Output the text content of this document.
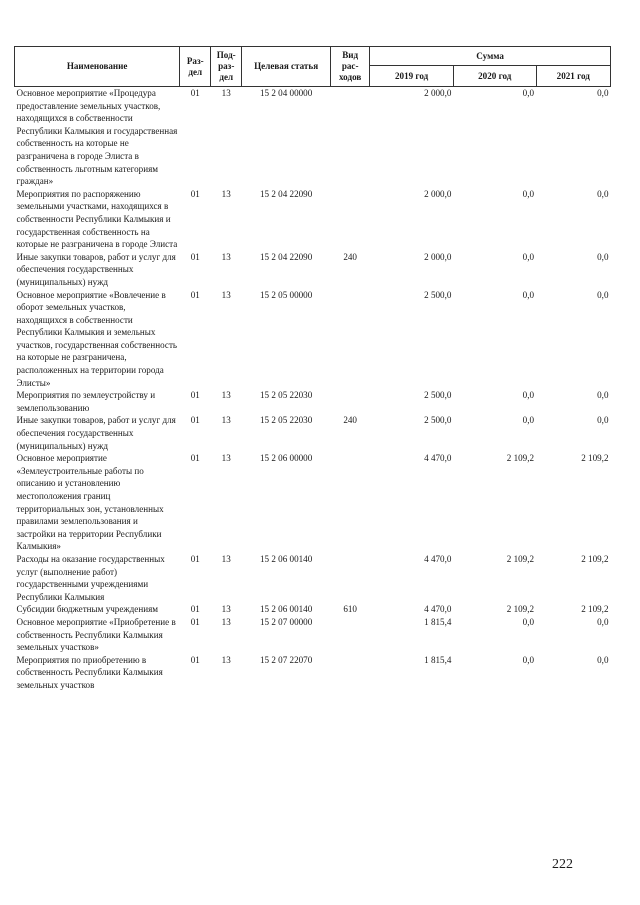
Наименование	Раз-дел	Под-раз-дел	Целевая статья	Вид рас-ходов	Сумма		
					2019 год	2020 год	2021 год
Основное мероприятие «Процедура предоставление земельных участков, находящихся в собственности Республики Калмыкия и государственная собственность на которые не разграничена в городе Элиста в собственность льготным категориям граждан»	01	13	15 2 04 00000		2 000,0	0,0	0,0
Мероприятия по распоряжению земельными участками, находящихся в собственности Республики Калмыкия и государственная собственность на которые не разграничена в городе Элиста	01	13	15 2 04 22090		2 000,0	0,0	0,0
Иные закупки товаров, работ и услуг для обеспечения государственных (муниципальных) нужд	01	13	15 2 04 22090	240	2 000,0	0,0	0,0
Основное мероприятие «Вовлечение в оборот земельных участков, находящихся в собственности Республики Калмыкия и земельных участков, государственная собственность на которые не разграничена, расположенных на территории города Элисты»	01	13	15 2 05 00000		2 500,0	0,0	0,0
Мероприятия по землеустройству и землепользованию	01	13	15 2 05 22030		2 500,0	0,0	0,0
Иные закупки товаров, работ и услуг для обеспечения государственных (муниципальных) нужд	01	13	15 2 05 22030	240	2 500,0	0,0	0,0
Основное мероприятие «Землеустроительные работы по описанию и установлению местоположения границ территориальных зон, установленных правилами землепользования и застройки на территории Республики Калмыкия»	01	13	15 2 06 00000		4 470,0	2 109,2	2 109,2
Расходы на оказание государственных услуг (выполнение работ) государственными учреждениями Республики Калмыкия	01	13	15 2 06 00140		4 470,0	2 109,2	2 109,2
Субсидии бюджетным учреждениям	01	13	15 2 06 00140	610	4 470,0	2 109,2	2 109,2
Основное мероприятие «Приобретение в собственность Республики Калмыкия земельных участков»	01	13	15 2 07 00000		1 815,4	0,0	0,0
Мероприятия по приобретению в собственность Республики Калмыкия земельных участков	01	13	15 2 07 22070		1 815,4	0,0	0,0
222
